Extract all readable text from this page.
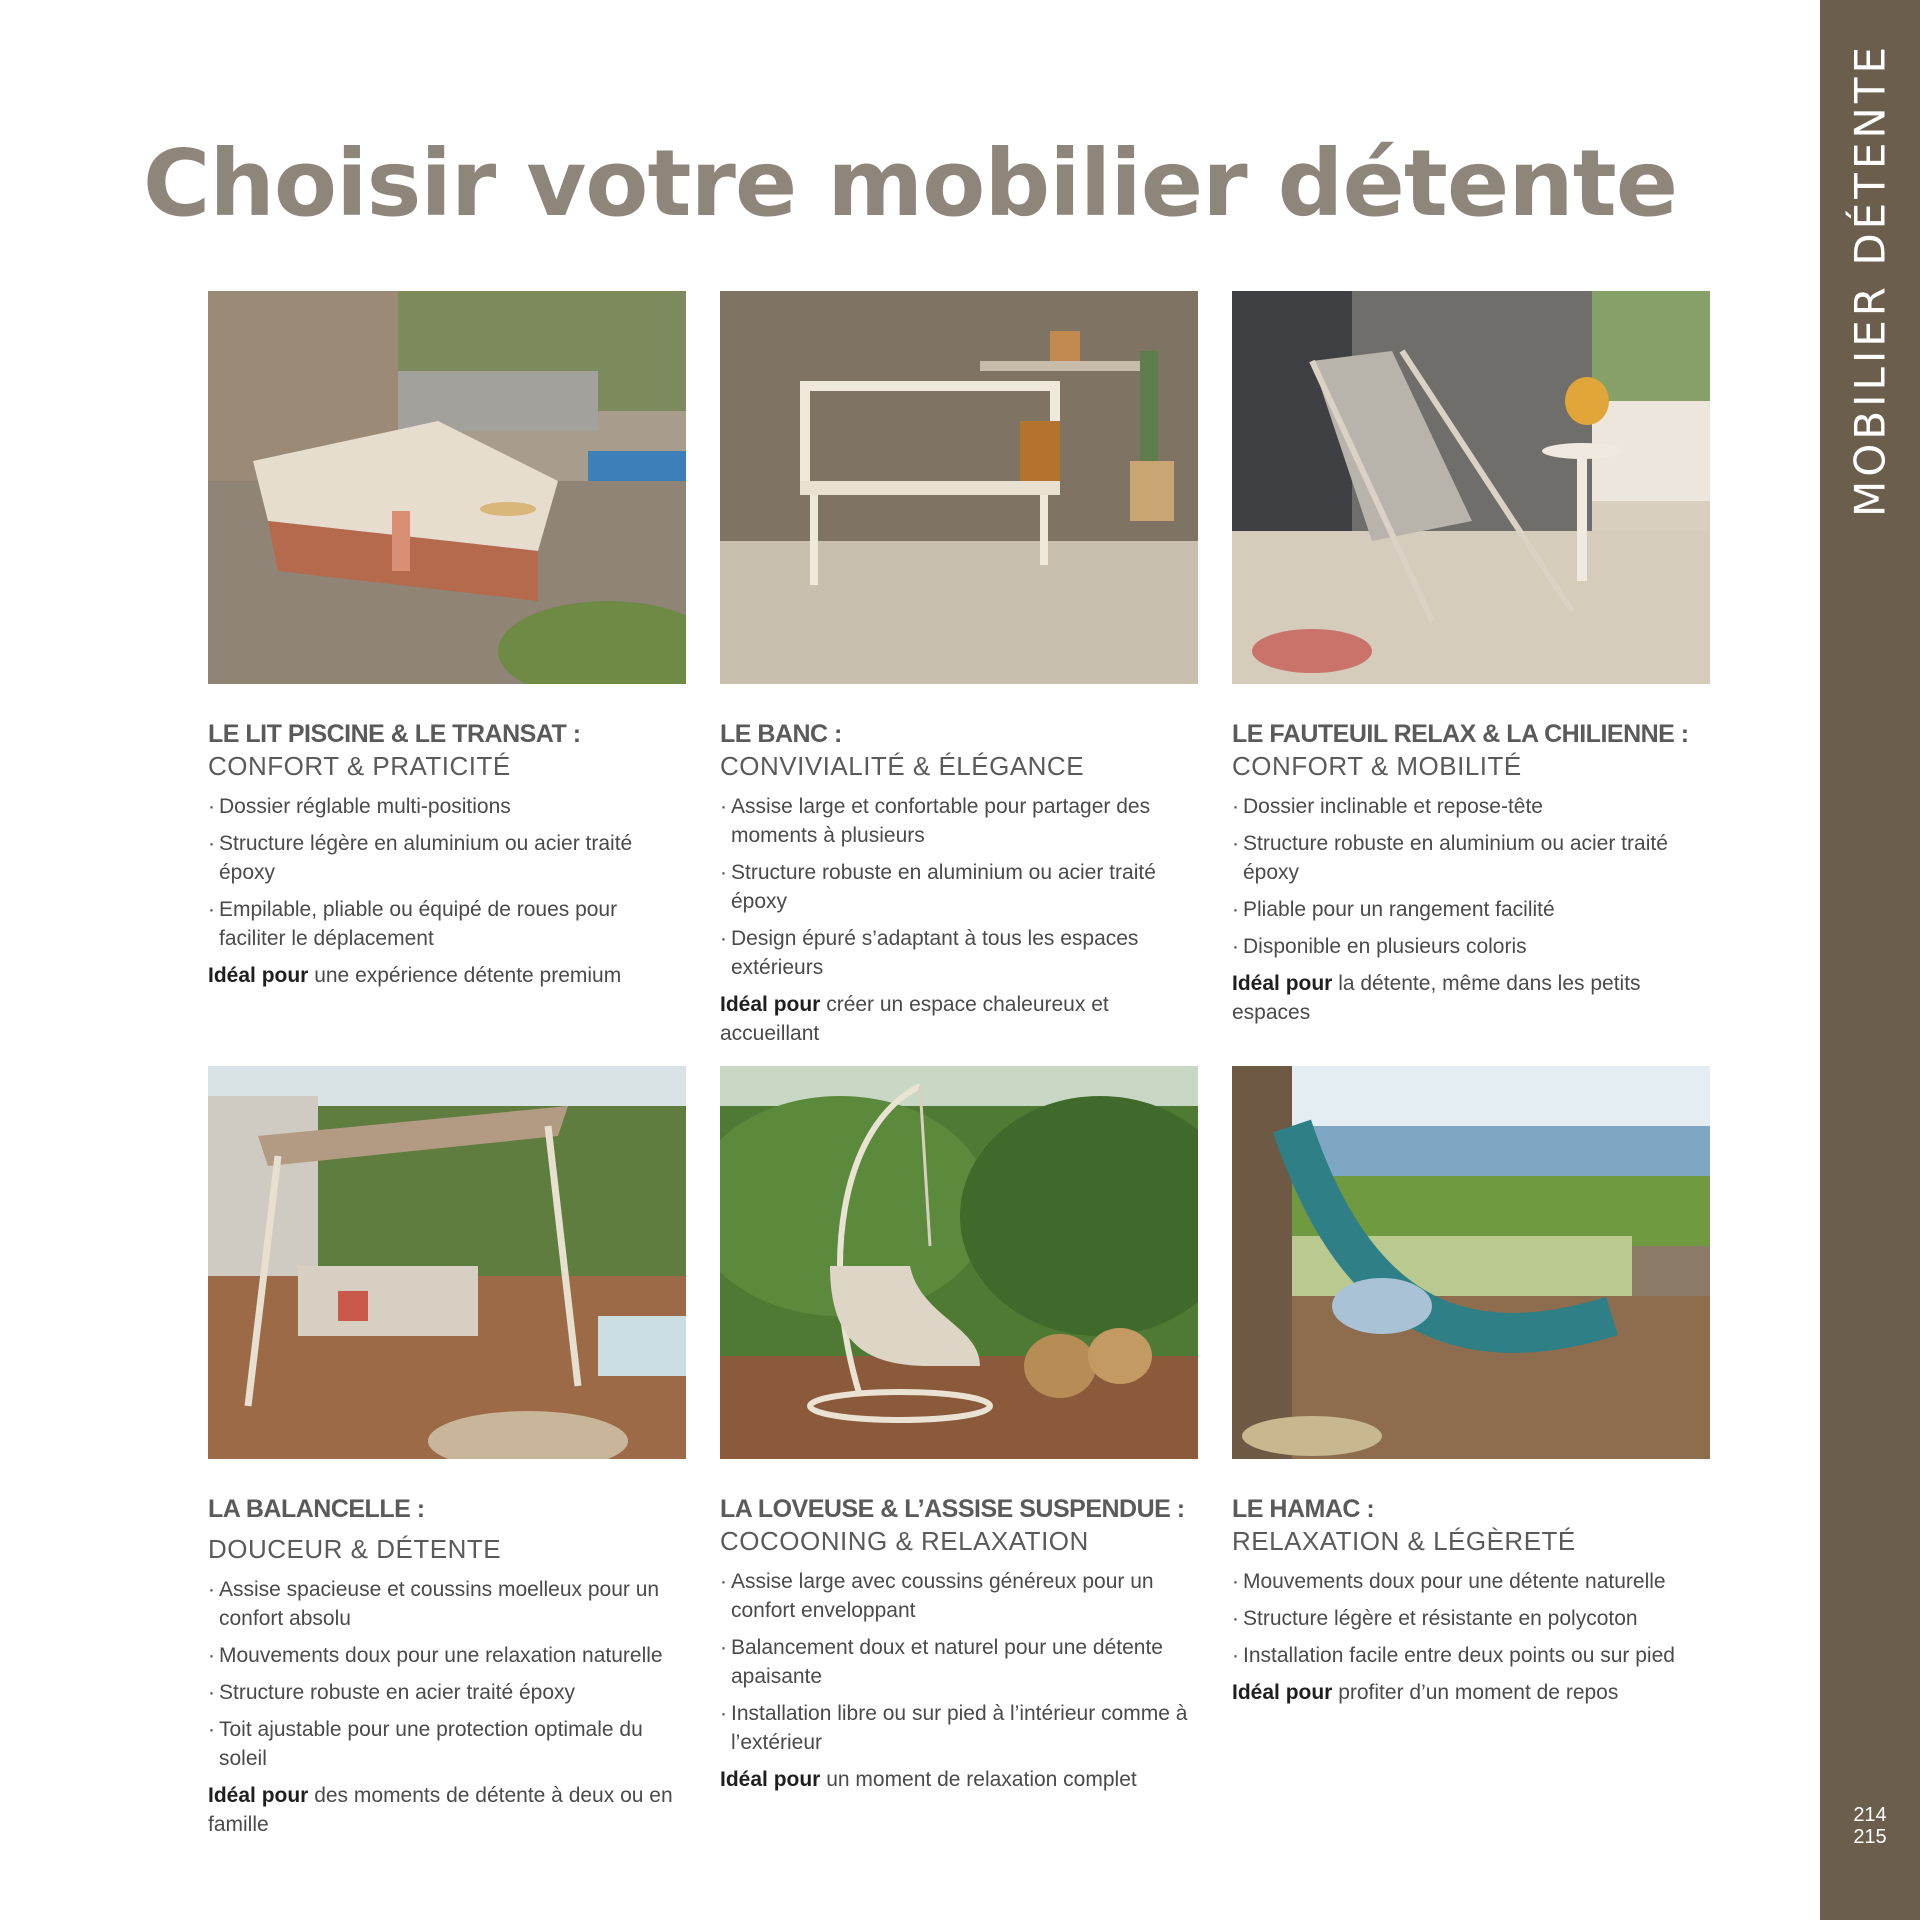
Choisir votre mobilier détente
LE LIT PISCINE & LE TRANSAT :
CONFORT & PRATICITÉ
· Dossier réglable multi-positions
· Structure légère en aluminium ou acier traité époxy
· Empilable, pliable ou équipé de roues pour faciliter le déplacement
Idéal pour une expérience détente premium
LE BANC :
CONVIVIALITÉ & ÉLÉGANCE
· Assise large et confortable pour partager des moments à plusieurs
· Structure robuste en aluminium ou acier traité époxy
· Design épuré s’adaptant à tous les espaces extérieurs
Idéal pour créer un espace chaleureux et accueillant
LE FAUTEUIL RELAX & LA CHILIENNE :
CONFORT & MOBILITÉ
· Dossier inclinable et repose-tête
· Structure robuste en aluminium ou acier traité époxy
· Pliable pour un rangement facilité
· Disponible en plusieurs coloris
Idéal pour la détente, même dans les petits espaces
LA BALANCELLE :
DOUCEUR & DÉTENTE
· Assise spacieuse et coussins moelleux pour un confort absolu
· Mouvements doux pour une relaxation naturelle
· Structure robuste en acier traité époxy
· Toit ajustable pour une protection optimale du soleil
Idéal pour des moments de détente à deux ou en famille
LA LOVEUSE & L’ASSISE SUSPENDUE :
COCOONING & RELAXATION
· Assise large avec coussins généreux pour un confort enveloppant
· Balancement doux et naturel pour une détente apaisante
· Installation libre ou sur pied à l’intérieur comme à l’extérieur
Idéal pour un moment de relaxation complet
LE HAMAC :
RELAXATION & LÉGÈRETÉ
· Mouvements doux pour une détente naturelle
· Structure légère et résistante en polycoton
· Installation facile entre deux points ou sur pied
Idéal pour profiter d’un moment de repos
MOBILIER DÉTENTE
214
215
